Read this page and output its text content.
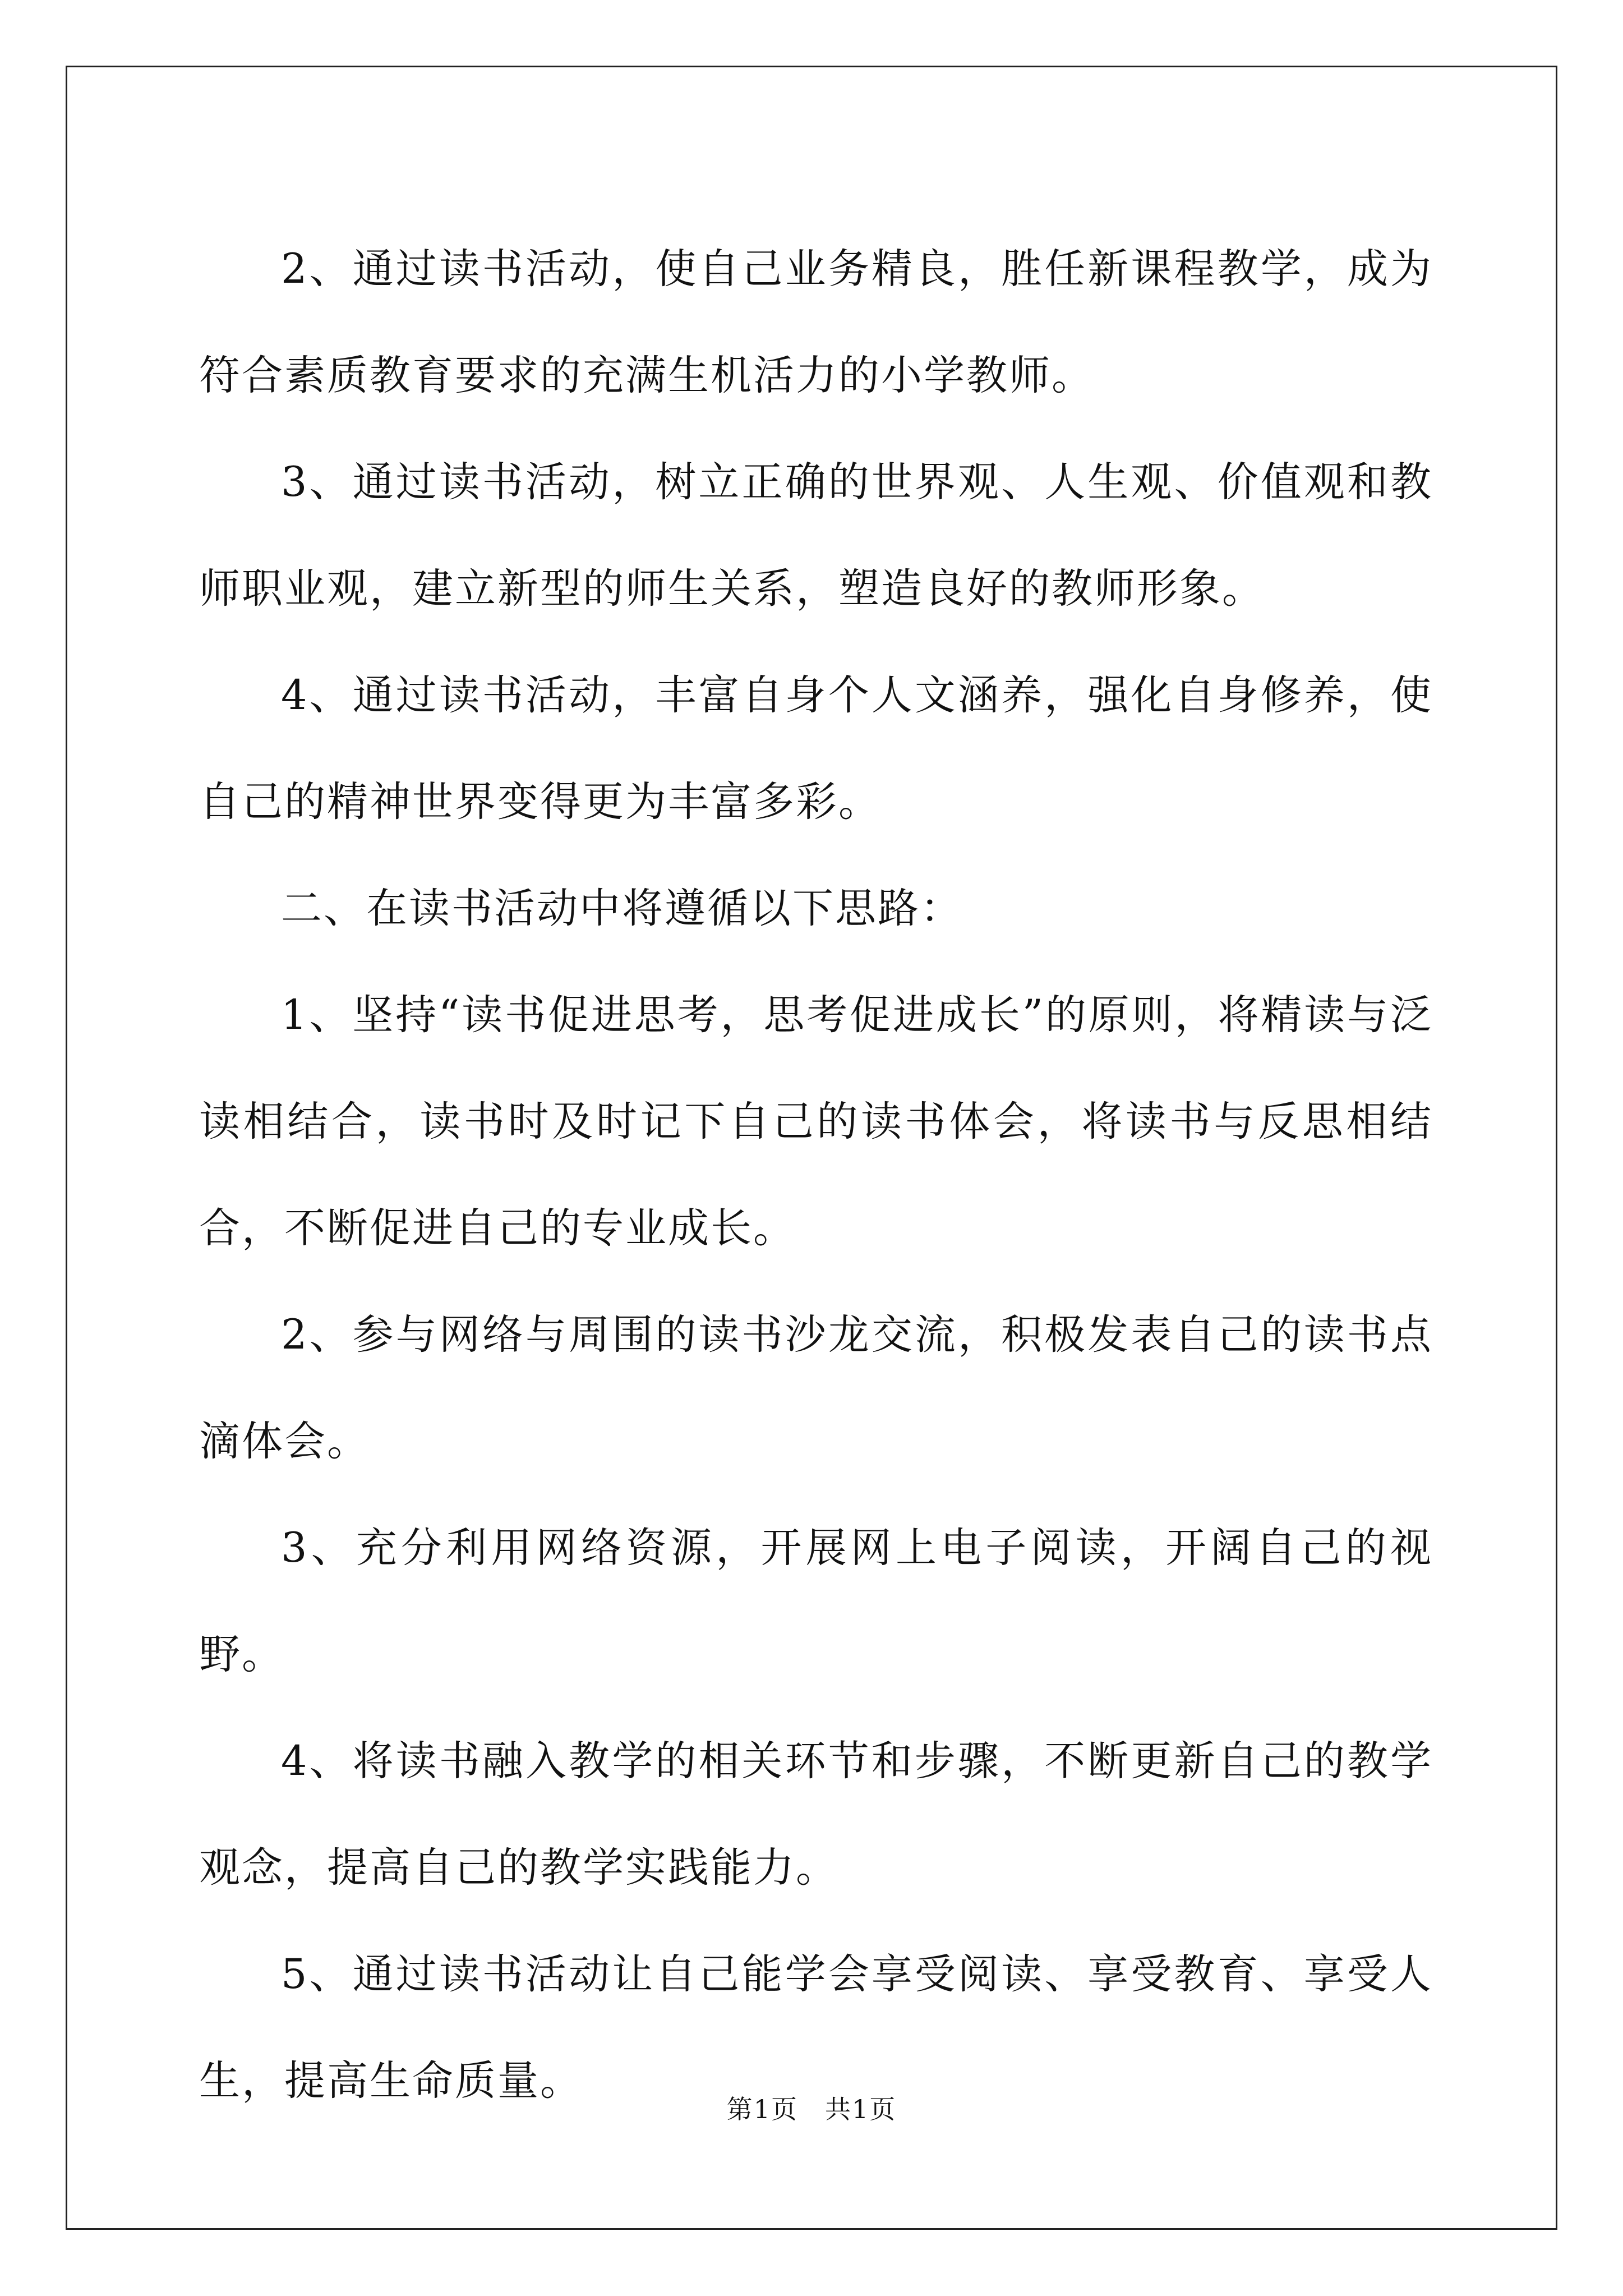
2、通过读书活动，使自己业务精良，胜任新课程教学，成为符合素质教育要求的充满生机活力的小学教师。

3、通过读书活动，树立正确的世界观、人生观、价值观和教师职业观，建立新型的师生关系，塑造良好的教师形象。

4、通过读书活动，丰富自身个人文涵养，强化自身修养，使自己的精神世界变得更为丰富多彩。

二、在读书活动中将遵循以下思路：

1、坚持“读书促进思考，思考促进成长”的原则，将精读与泛读相结合，读书时及时记下自己的读书体会，将读书与反思相结合，不断促进自己的专业成长。

2、参与网络与周围的读书沙龙交流，积极发表自己的读书点滴体会。

3、充分利用网络资源，开展网上电子阅读，开阔自己的视野。

4、将读书融入教学的相关环节和步骤，不断更新自己的教学观念，提高自己的教学实践能力。

5、通过读书活动让自己能学会享受阅读、享受教育、享受人生，提高生命质量。

第1页　共1页
